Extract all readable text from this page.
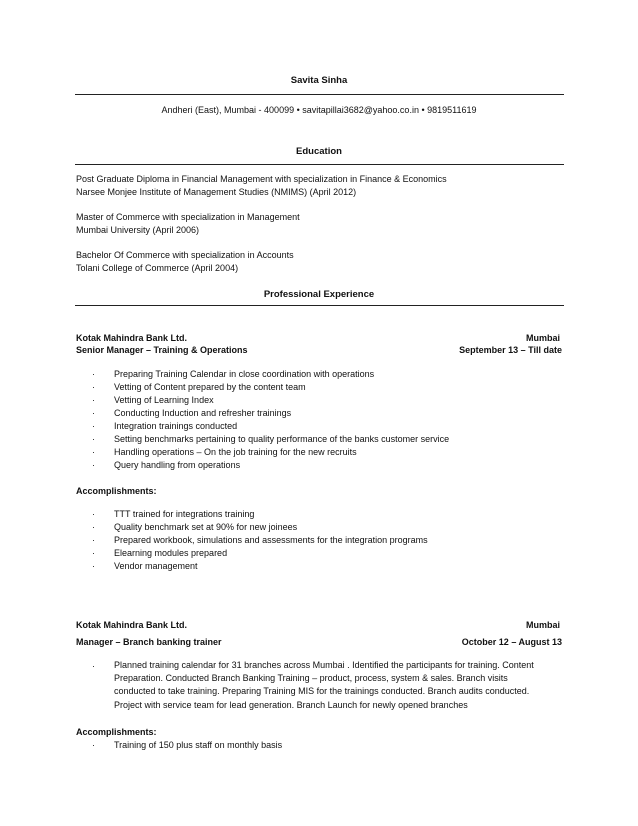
Savita Sinha
Andheri (East), Mumbai - 400099 • savitapillai3682@yahoo.co.in • 9819511619
Education
Post Graduate Diploma in Financial Management with specialization in Finance & Economics
Narsee Monjee Institute of Management Studies (NMIMS) (April 2012)
Master of Commerce with specialization in Management
Mumbai University (April 2006)
Bachelor Of Commerce with specialization in Accounts
Tolani College of Commerce (April 2004)
Professional Experience
Kotak Mahindra Bank Ltd.	Mumbai
Senior Manager – Training & Operations	September 13 – Till date
· Preparing Training Calendar in close coordination with operations
· Vetting of Content prepared by the content team
· Vetting of Learning Index
· Conducting Induction and refresher trainings
· Integration trainings conducted
· Setting benchmarks pertaining to quality performance of the banks customer service
· Handling operations – On the job training for the new recruits
· Query handling from operations
Accomplishments:
· TTT trained for integrations training
· Quality benchmark set at 90% for new joinees
· Prepared workbook, simulations and assessments for the integration programs
· Elearning modules prepared
· Vendor management
Kotak Mahindra Bank Ltd.	Mumbai
Manager – Branch banking trainer	October 12 – August 13
· Planned training calendar for 31 branches across Mumbai . Identified the participants for training. Content
Preparation. Conducted Branch Banking Training – product, process, system & sales. Branch visits
conducted to take training. Preparing Training MIS for the trainings conducted. Branch audits conducted.
Project with service team for lead generation. Branch Launch for newly opened branches
Accomplishments:
· Training of 150 plus staff on monthly basis
